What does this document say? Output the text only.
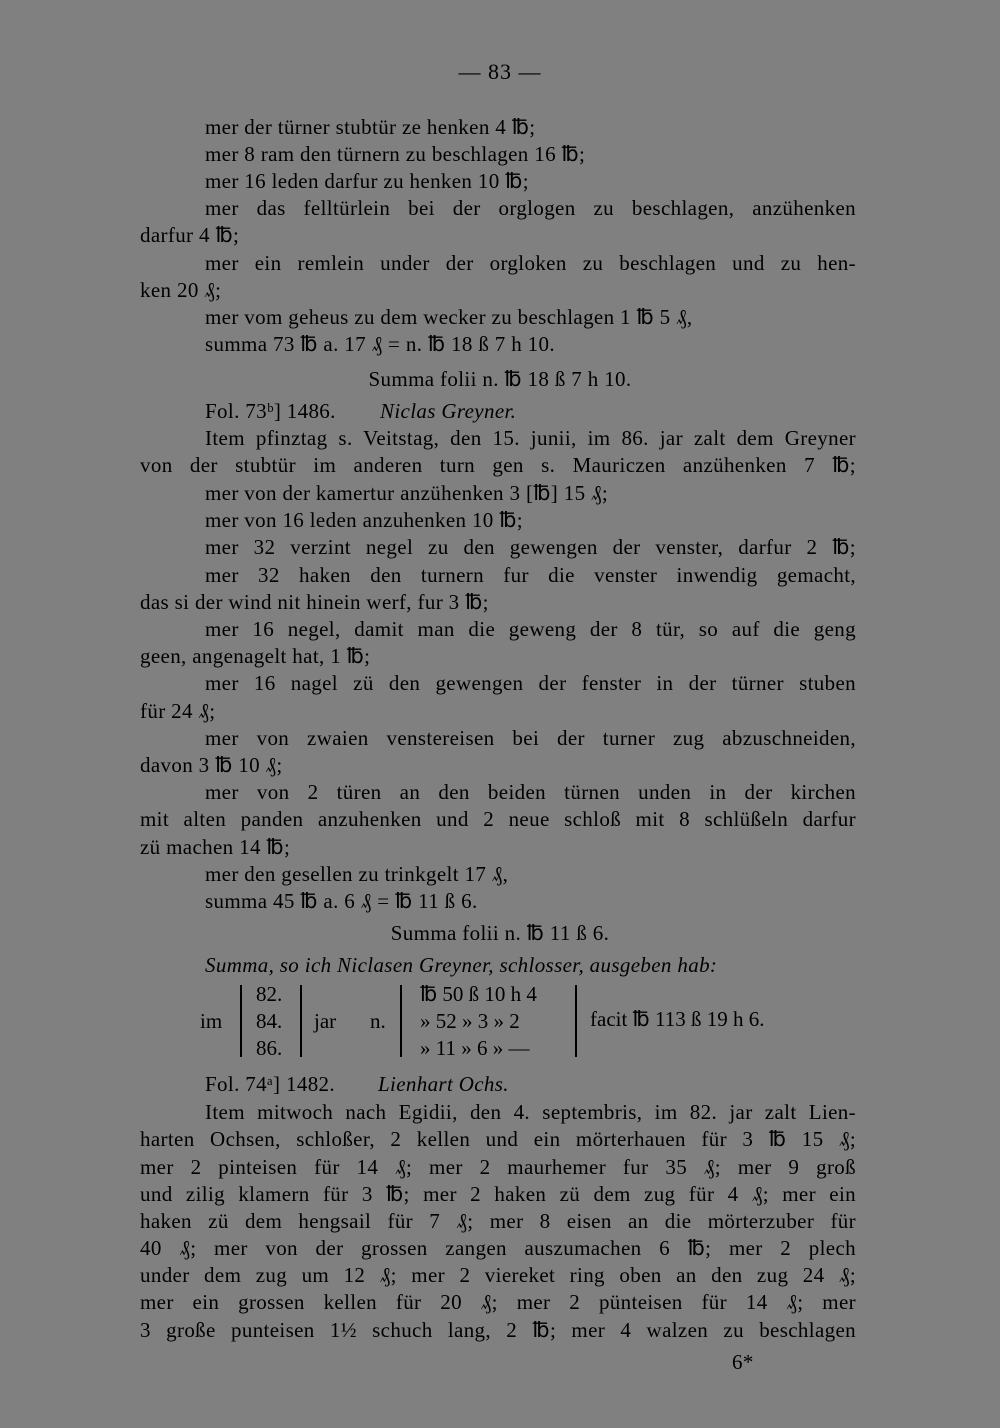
— 83 —
mer der türner stubtür ze henken 4 ℔;
mer 8 ram den türnern zu beschlagen 16 ℔;
mer 16 leden darfur zu henken 10 ℔;
mer das felltürlein bei der orglogen zu beschlagen, anzühenken
darfur 4 ℔;
mer ein remlein under der orgloken zu beschlagen und zu hen-
ken 20 ₰;
mer vom geheus zu dem wecker zu beschlagen 1 ℔ 5 ₰,
summa 73 ℔ a. 17 ₰ = n. ℔ 18 ß 7 h 10.
Summa folii n. ℔ 18 ß 7 h 10.
Fol. 73ᵇ] 1486. Niclas Greyner.
Item pfinztag s. Veitstag, den 15. junii, im 86. jar zalt dem Greyner
von der stubtür im anderen turn gen s. Mauriczen anzühenken 7 ℔;
mer von der kamertur anzühenken 3 [℔] 15 ₰;
mer von 16 leden anzuhenken 10 ℔;
mer 32 verzint negel zu den gewengen der venster, darfur 2 ℔;
mer 32 haken den turnern fur die venster inwendig gemacht,
das si der wind nit hinein werf, fur 3 ℔;
mer 16 negel, damit man die geweng der 8 tür, so auf die geng
geen, angenagelt hat, 1 ℔;
mer 16 nagel zü den gewengen der fenster in der türner stuben
für 24 ₰;
mer von zwaien venstereisen bei der turner zug abzuschneiden,
davon 3 ℔ 10 ₰;
mer von 2 türen an den beiden türnen unden in der kirchen
mit alten panden anzuhenken und 2 neue schloß mit 8 schlüßeln darfur
zü machen 14 ℔;
mer den gesellen zu trinkgelt 17 ₰,
summa 45 ℔ a. 6 ₰ = ℔ 11 ß 6.
Summa folii n. ℔ 11 ß 6.
Summa, so ich Niclasen Greyner, schlosser, ausgeben hab:
im
82.
84.
86.
jar n.
℔ 50 ß 10 h 4
» 52 » 3 » 2
» 11 » 6 » —
facit ℔ 113 ß 19 h 6.
Fol. 74ᵃ] 1482. Lienhart Ochs.
Item mitwoch nach Egidii, den 4. septembris, im 82. jar zalt Lien-
harten Ochsen, schloßer, 2 kellen und ein mörterhauen für 3 ℔ 15 ₰;
mer 2 pinteisen für 14 ₰; mer 2 maurhemer fur 35 ₰; mer 9 groß
und zilig klamern für 3 ℔; mer 2 haken zü dem zug für 4 ₰; mer ein
haken zü dem hengsail für 7 ₰; mer 8 eisen an die mörterzuber für
40 ₰; mer von der grossen zangen auszumachen 6 ℔; mer 2 plech
under dem zug um 12 ₰; mer 2 viereket ring oben an den zug 24 ₰;
mer ein grossen kellen für 20 ₰; mer 2 pünteisen für 14 ₰; mer
3 große punteisen 1½ schuch lang, 2 ℔; mer 4 walzen zu beschlagen
6*
